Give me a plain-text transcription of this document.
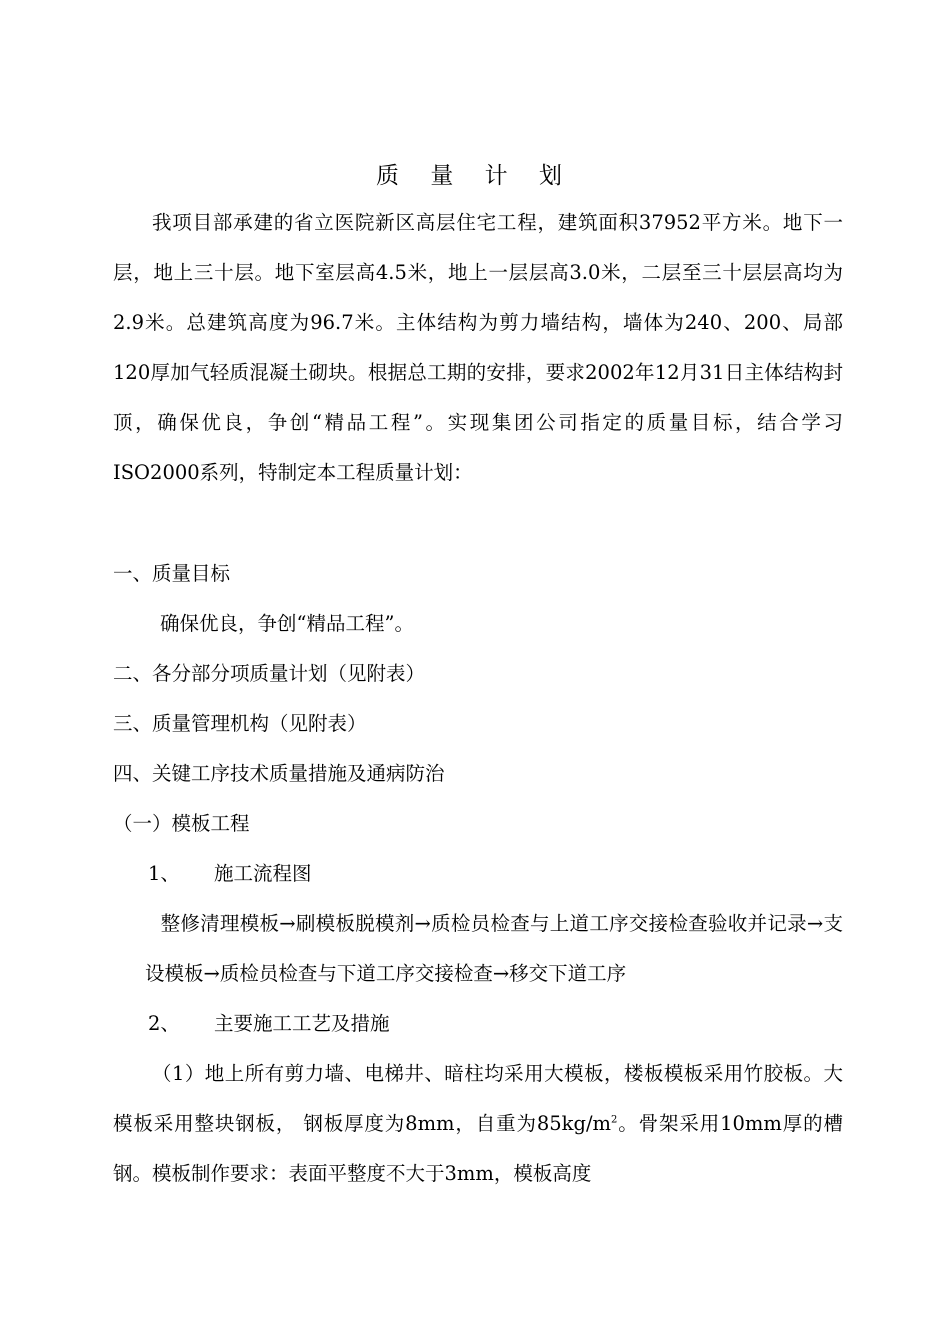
质 量 计 划

我项目部承建的省立医院新区高层住宅工程，建筑面积37952平方米。地下一层，地上三十层。地下室层高4.5米，地上一层层高3.0米，二层至三十层层高均为2.9米。总建筑高度为96.7米。主体结构为剪力墙结构，墙体为240、200、局部120厚加气轻质混凝土砌块。根据总工期的安排，要求2002年12月31日主体结构封顶，确保优良，争创“精品工程”。实现集团公司指定的质量目标，结合学习ISO2000系列，特制定本工程质量计划：

一、质量目标

确保优良，争创“精品工程”。

二、各分部分项质量计划（见附表）

三、质量管理机构（见附表）

四、关键工序技术质量措施及通病防治

（一）模板工程

1、 施工流程图

整修清理模板→刷模板脱模剂→质检员检查与上道工序交接检查验收并记录→支设模板→质检员检查与下道工序交接检查→移交下道工序

2、 主要施工工艺及措施

（1）地上所有剪力墙、电梯井、暗柱均采用大模板，楼板模板采用竹胶板。大模板采用整块钢板， 钢板厚度为8mm，自重为$85kg/m^2$。骨架采用10mm厚的槽钢。模板制作要求：表面平整度不大于3mm，模板高度
